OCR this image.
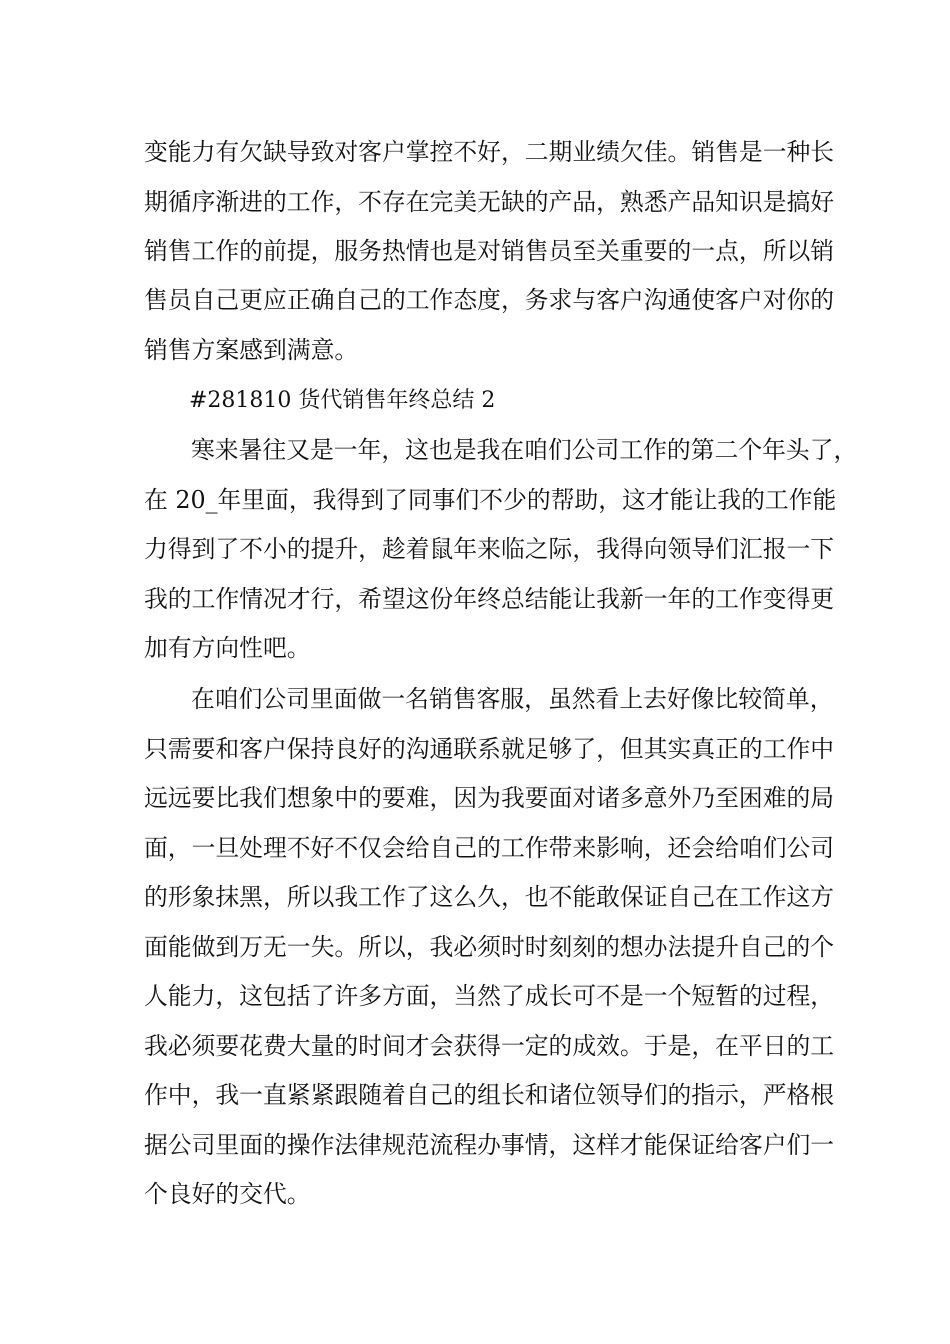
变能力有欠缺导致对客户掌控不好，二期业绩欠佳。销售是一种长
期循序渐进的工作，不存在完美无缺的产品，熟悉产品知识是搞好
销售工作的前提，服务热情也是对销售员至关重要的一点，所以销
售员自己更应正确自己的工作态度，务求与客户沟通使客户对你的
销售方案感到满意。
#281810 货代销售年终总结 2
寒来暑往又是一年，这也是我在咱们公司工作的第二个年头了，
在 20_年里面，我得到了同事们不少的帮助，这才能让我的工作能
力得到了不小的提升，趁着鼠年来临之际，我得向领导们汇报一下
我的工作情况才行，希望这份年终总结能让我新一年的工作变得更
加有方向性吧。
在咱们公司里面做一名销售客服，虽然看上去好像比较简单，
只需要和客户保持良好的沟通联系就足够了，但其实真正的工作中
远远要比我们想象中的要难，因为我要面对诸多意外乃至困难的局
面，一旦处理不好不仅会给自己的工作带来影响，还会给咱们公司
的形象抹黑，所以我工作了这么久，也不能敢保证自己在工作这方
面能做到万无一失。所以，我必须时时刻刻的想办法提升自己的个
人能力，这包括了许多方面，当然了成长可不是一个短暂的过程，
我必须要花费大量的时间才会获得一定的成效。于是，在平日的工
作中，我一直紧紧跟随着自己的组长和诸位领导们的指示，严格根
据公司里面的操作法律规范流程办事情，这样才能保证给客户们一
个良好的交代。
